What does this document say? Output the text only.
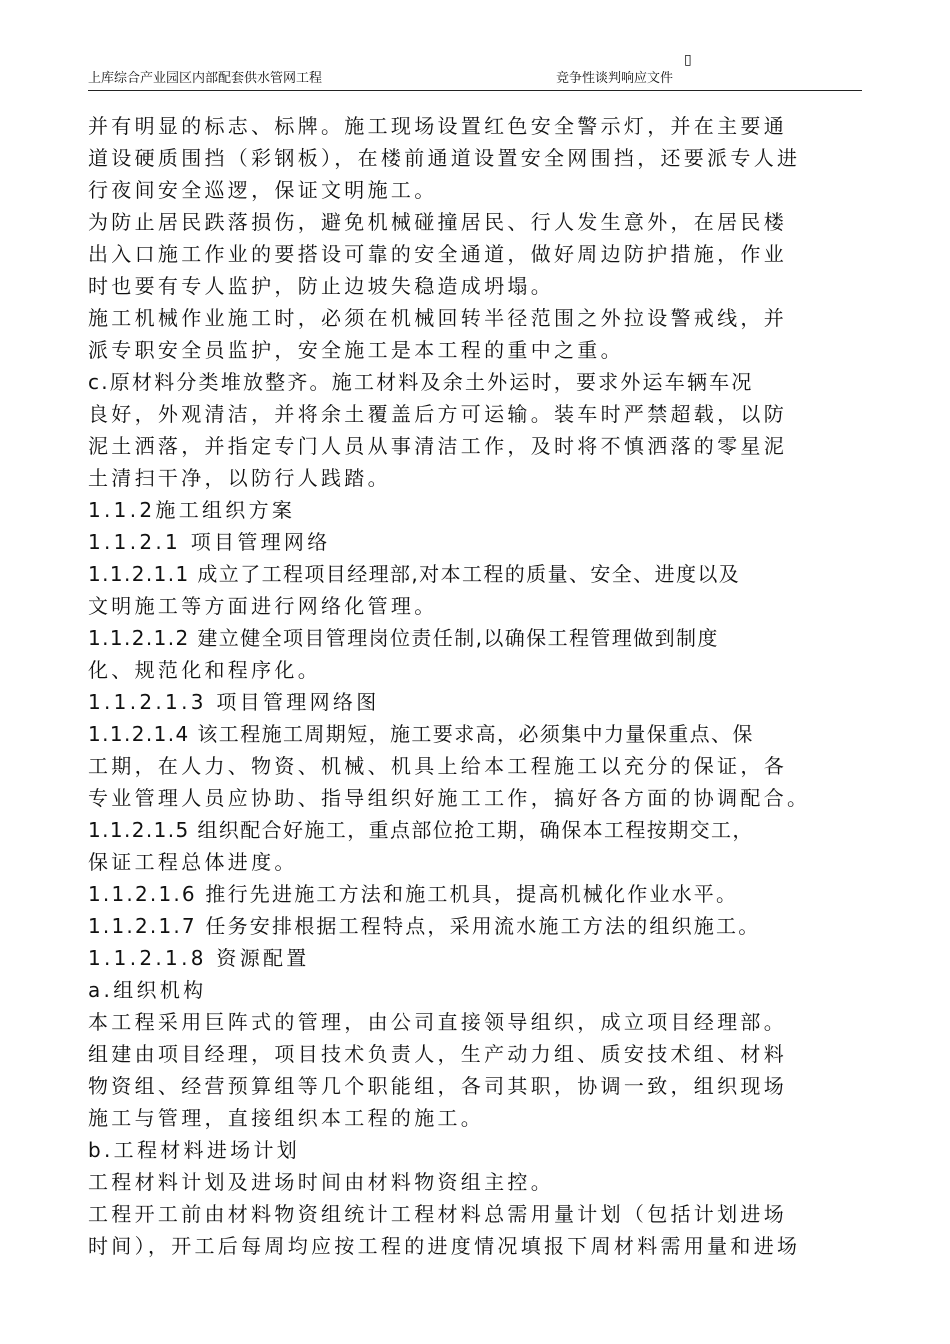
上库综合产业园区内部配套供水管网工程	竞争性谈判响应文件
▯
并有明显的标志、标牌。施工现场设置红色安全警示灯，并在主要通
道设硬质围挡（彩钢板），在楼前通道设置安全网围挡，还要派专人进
行夜间安全巡逻，保证文明施工。
为防止居民跌落损伤，避免机械碰撞居民、行人发生意外，在居民楼
出入口施工作业的要搭设可靠的安全通道，做好周边防护措施，作业
时也要有专人监护，防止边坡失稳造成坍塌。
施工机械作业施工时，必须在机械回转半径范围之外拉设警戒线，并
派专职安全员监护，安全施工是本工程的重中之重。
c.原材料分类堆放整齐。施工材料及余土外运时，要求外运车辆车况
良好，外观清洁，并将余土覆盖后方可运输。装车时严禁超载，以防
泥土洒落，并指定专门人员从事清洁工作，及时将不慎洒落的零星泥
土清扫干净，以防行人践踏。
1.1.2施工组织方案
1.1.2.1 项目管理网络
1.1.2.1.1 成立了工程项目经理部,对本工程的质量、安全、进度以及
文明施工等方面进行网络化管理。
1.1.2.1.2 建立健全项目管理岗位责任制,以确保工程管理做到制度
化、规范化和程序化。
1.1.2.1.3 项目管理网络图
1.1.2.1.4 该工程施工周期短，施工要求高，必须集中力量保重点、保
工期，在人力、物资、机械、机具上给本工程施工以充分的保证，各
专业管理人员应协助、指导组织好施工工作，搞好各方面的协调配合。
1.1.2.1.5 组织配合好施工，重点部位抢工期，确保本工程按期交工，
保证工程总体进度。
1.1.2.1.6 推行先进施工方法和施工机具，提高机械化作业水平。
1.1.2.1.7 任务安排根据工程特点，采用流水施工方法的组织施工。
1.1.2.1.8 资源配置
a.组织机构
本工程采用巨阵式的管理，由公司直接领导组织，成立项目经理部。
组建由项目经理，项目技术负责人，生产动力组、质安技术组、材料
物资组、经营预算组等几个职能组，各司其职，协调一致，组织现场
施工与管理，直接组织本工程的施工。
b.工程材料进场计划
工程材料计划及进场时间由材料物资组主控。
工程开工前由材料物资组统计工程材料总需用量计划（包括计划进场
时间），开工后每周均应按工程的进度情况填报下周材料需用量和进场
